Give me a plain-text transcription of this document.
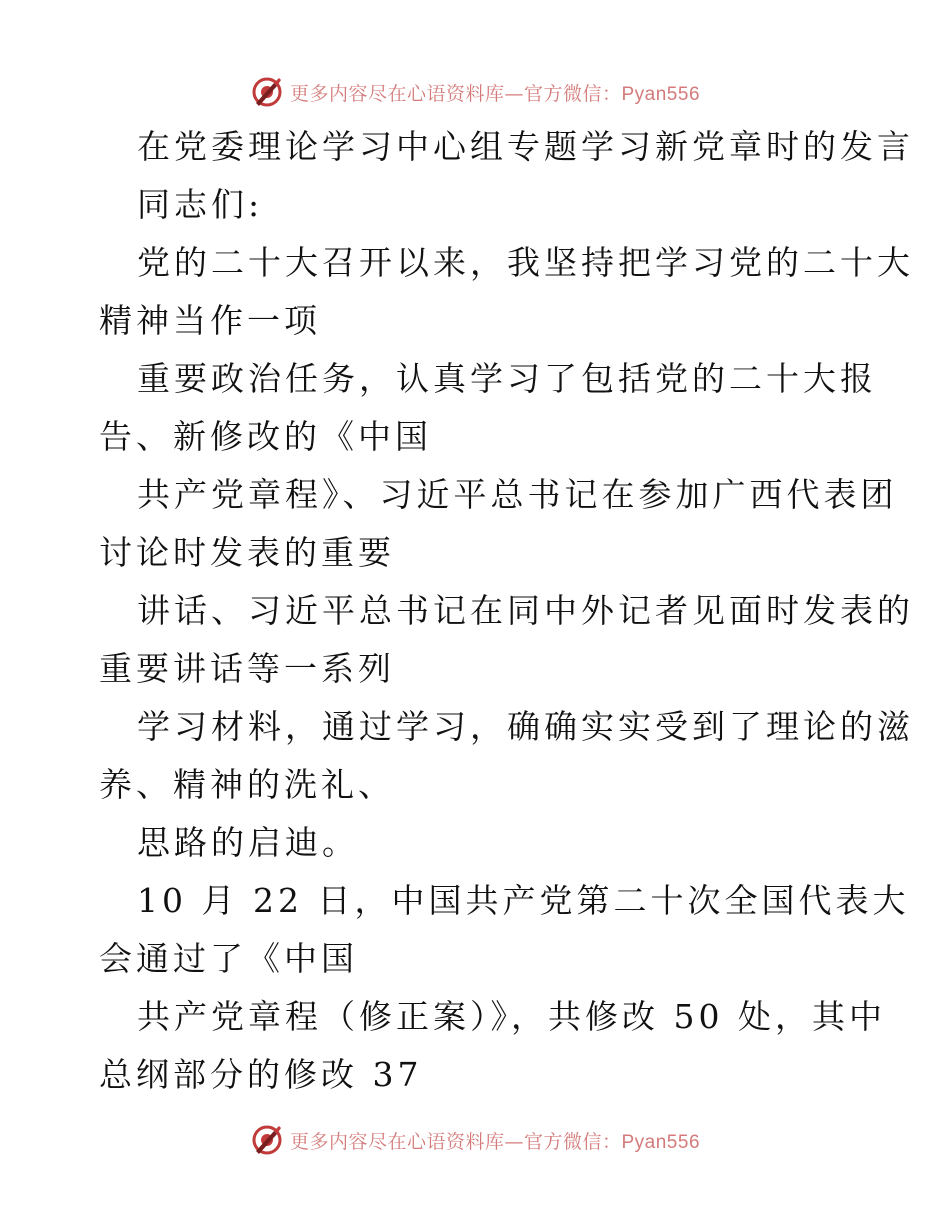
更多内容尽在心语资料库—官方微信：Pyan556
在党委理论学习中心组专题学习新党章时的发言
同志们:
党的二十大召开以来，我坚持把学习党的二十大
精神当作一项
重要政治任务，认真学习了包括党的二十大报
告、新修改的《中国
共产党章程》、习近平总书记在参加广西代表团
讨论时发表的重要
讲话、习近平总书记在同中外记者见面时发表的
重要讲话等一系列
学习材料，通过学习，确确实实受到了理论的滋
养、精神的洗礼、
思路的启迪。
10 月 22 日，中国共产党第二十次全国代表大
会通过了《中国
共产党章程（修正案）》，共修改 50 处，其中
总纲部分的修改 37
更多内容尽在心语资料库—官方微信：Pyan556
